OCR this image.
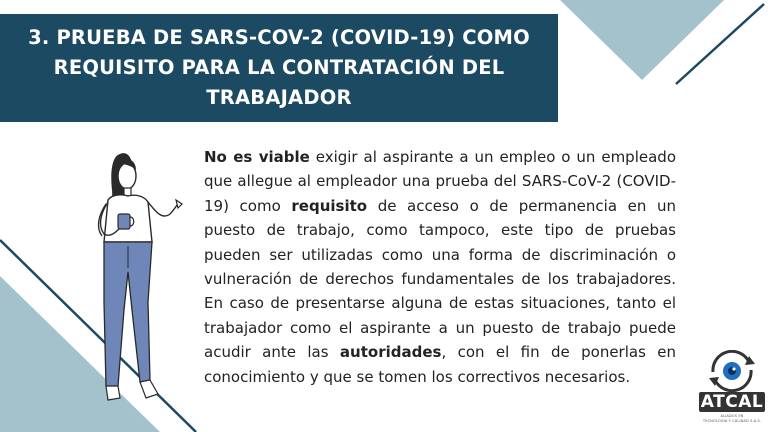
3. PRUEBA DE SARS-COV-2 (COVID-19) COMO
REQUISITO PARA LA CONTRATACIÓN DEL
TRABAJADOR
No es viable exigir al aspirante a un empleo o un empleado que allegue al empleador una prueba del SARS-CoV-2 (COVID-19) como requisito de acceso o de permanencia en un puesto de trabajo, como tampoco, este tipo de pruebas pueden ser utilizadas como una forma de discriminación o vulneración de derechos fundamentales de los trabajadores. En caso de presentarse alguna de estas situaciones, tanto el trabajador como el aspirante a un puesto de trabajo puede acudir ante las autoridades, con el fin de ponerlas en conocimiento y que se tomen los correctivos necesarios.
ATCAL
ALIADOS EN
TECNOLOGÍA Y CALIDAD S.A.S.
